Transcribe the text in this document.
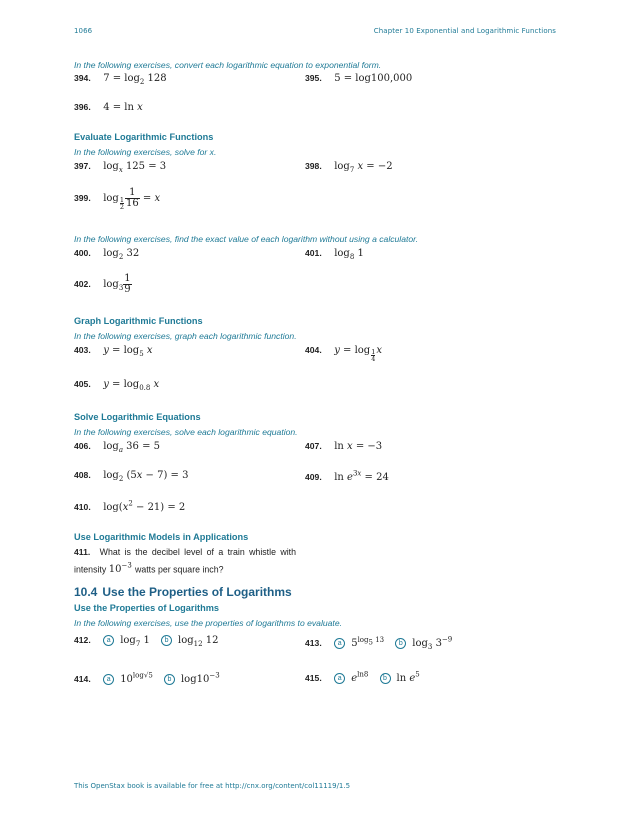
1066	Chapter 10 Exponential and Logarithmic Functions
In the following exercises, convert each logarithmic equation to exponential form.
394. $7 = \log_2 128$	395. 5 = log100,000
396. 4 = ln x
Evaluate Logarithmic Functions
In the following exercises, solve for x.
397. $\log_x 125 = 3$	398. $\log_7 x = -2$
399. $\log \frac{1}{2} \frac{1}{16} = x$
In the following exercises, find the exact value of each logarithm without using a calculator.
400. $\log_2 32$	401. $\log_8 1$
402. $\log_3 \frac{1}{9}$
Graph Logarithmic Functions
In the following exercises, graph each logarithmic function.
403. $y = \log_5 x$	404. $y = \log \frac{1}{4}$ x
405. $y = \log_{0.8} x$
Solve Logarithmic Equations
In the following exercises, solve each logarithmic equation.
406. $\log_a 36 = 5$	407. ln x = −3
408. $\log_2 (5x - 7) = 3$	409. $\ln e^{3x} = 24$
410. $\log(x^2 - 21) = 2$
Use Logarithmic Models in Applications
411. What is the decibel level of a train whistle with intensity $10^{-3}$ watts per square inch?
10.4 Use the Properties of Logarithms
Use the Properties of Logarithms
In the following exercises, use the properties of logarithms to evaluate.
412. a $\log_7 1$ b $\log_{12} 12$	413. a $5^{log_5 13}$ b $\log_3 3^{-9}$
414. a $10^{log√5}$ b $\log 10^{-3}$	415. a $e^{ln8}$ b $\ln e^5$
This OpenStax book is available for free at http://cnx.org/content/col11119/1.5
